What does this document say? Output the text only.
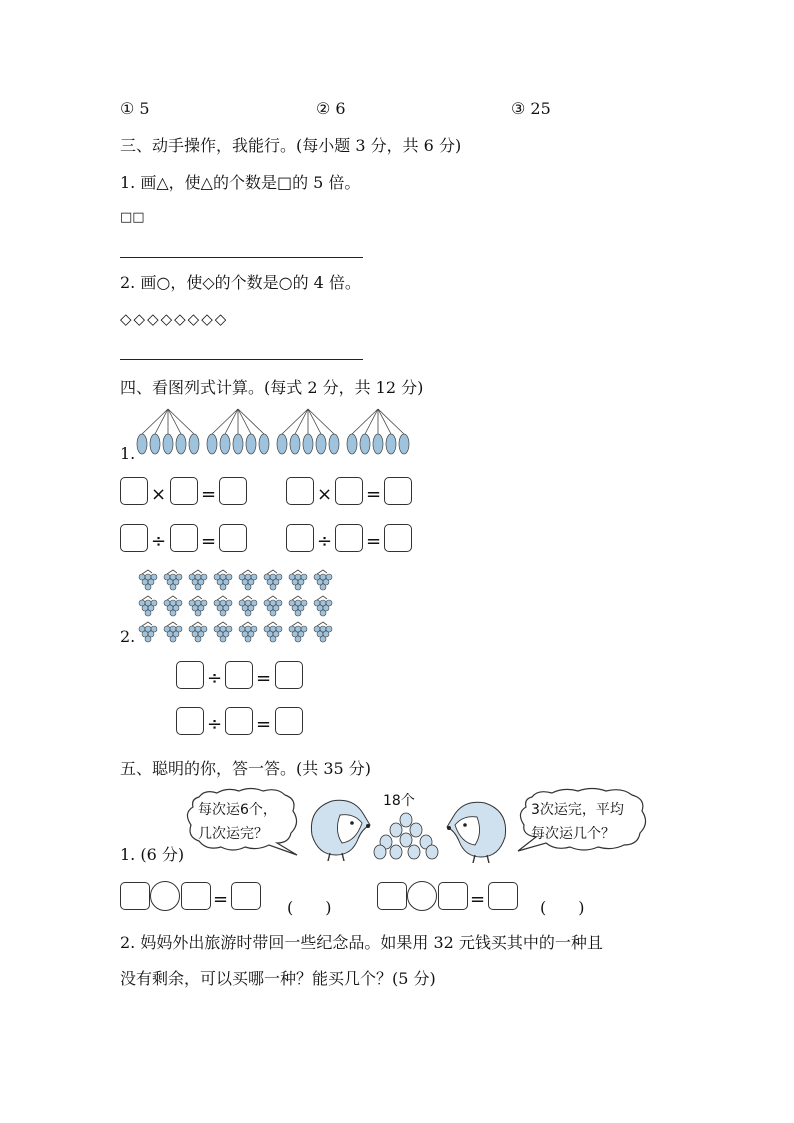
① 5	② 6	③ 25
三、动手操作，我能行。(每小题 3 分，共 6 分)
1. 画△，使△的个数是□的 5 倍。
□□
2. 画○，使◇的个数是○的 4 倍。
◇◇◇◇◇◇◇◇
四、看图列式计算。(每式 2 分，共 12 分)
1.
× =	× =
÷ =	÷ =
2.
÷ =
÷ =
五、聪明的你，答一答。(共 35 分)
每次运6个，
几次运完？
18个
3次运完，平均
每次运几个？
1. (6 分)
=	(　　)	=	(　　)
2. 妈妈外出旅游时带回一些纪念品。如果用 32 元钱买其中的一种且
没有剩余，可以买哪一种？能买几个？(5 分)
